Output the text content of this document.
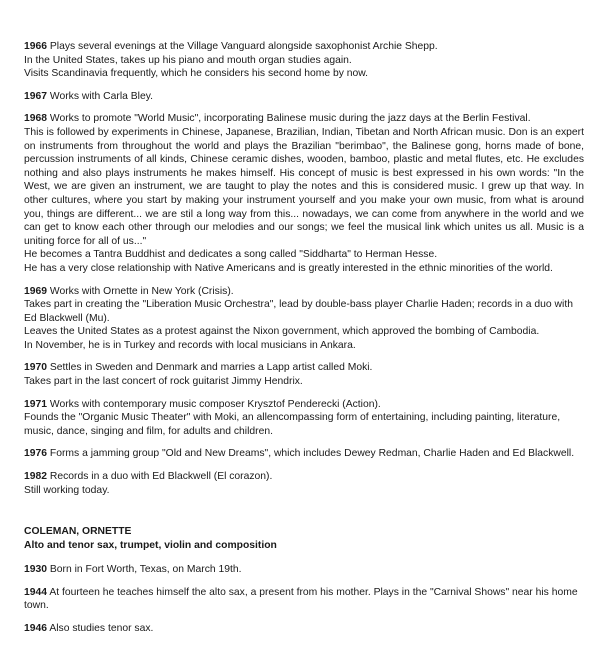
1966 Plays several evenings at the Village Vanguard alongside saxophonist Archie Shepp.

In the United States, takes up his piano and mouth organ studies again.

Visits Scandinavia frequently, which he considers his second home by now.

1967 Works with Carla Bley.

1968 Works to promote "World Music", incorporating Balinese music during the jazz days at the Berlin Festival.

This is followed by experiments in Chinese, Japanese, Brazilian, Indian, Tibetan and North African music. Don is an expert on instruments from throughout the world and plays the Brazilian "berimbao", the Balinese gong, horns made of bone, percussion instruments of all kinds, Chinese ceramic dishes, wooden, bamboo, plastic and metal flutes, etc. He excludes nothing and also plays instruments he makes himself. His concept of music is best expressed in his own words: "In the West, we are given an instrument, we are taught to play the notes and this is considered music. I grew up that way. In other cultures, where you start by making your instrument yourself and you make your own music, from what is around you, things are different... we are stil a long way from this... nowadays, we can come from anywhere in the world and we can get to know each other through our melodies and our songs; we feel the musical link which unites us all. Music is a uniting force for all of us..."

He becomes a Tantra Buddhist and dedicates a song called "Siddharta" to Herman Hesse.

He has a very close relationship with Native Americans and is greatly interested in the ethnic minorities of the world.

1969 Works with Ornette in New York (Crisis).

Takes part in creating the "Liberation Music Orchestra", lead by double-bass player Charlie Haden; records in a duo with Ed Blackwell (Mu).

Leaves the United States as a protest against the Nixon government, which approved the bombing of Cambodia.

In November, he is in Turkey and records with local musicians in Ankara.

1970 Settles in Sweden and Denmark and marries a Lapp artist called Moki.

Takes part in the last concert of rock guitarist Jimmy Hendrix.

1971 Works with contemporary music composer Krysztof Penderecki (Action).

Founds the "Organic Music Theater" with Moki, an allencompassing form of entertaining, including painting, literature, music, dance, singing and film, for adults and children.

1976 Forms a jamming group "Old and New Dreams", which includes Dewey Redman, Charlie Haden and Ed Blackwell.

1982 Records in a duo with Ed Blackwell (El corazon).

Still working today.

COLEMAN, ORNETTE

Alto and tenor sax, trumpet, violin and composition

1930 Born in Fort Worth, Texas, on March 19th.

1944 At fourteen he teaches himself the alto sax, a present from his mother. Plays in the "Carnival Shows" near his home town.

1946 Also studies tenor sax.
